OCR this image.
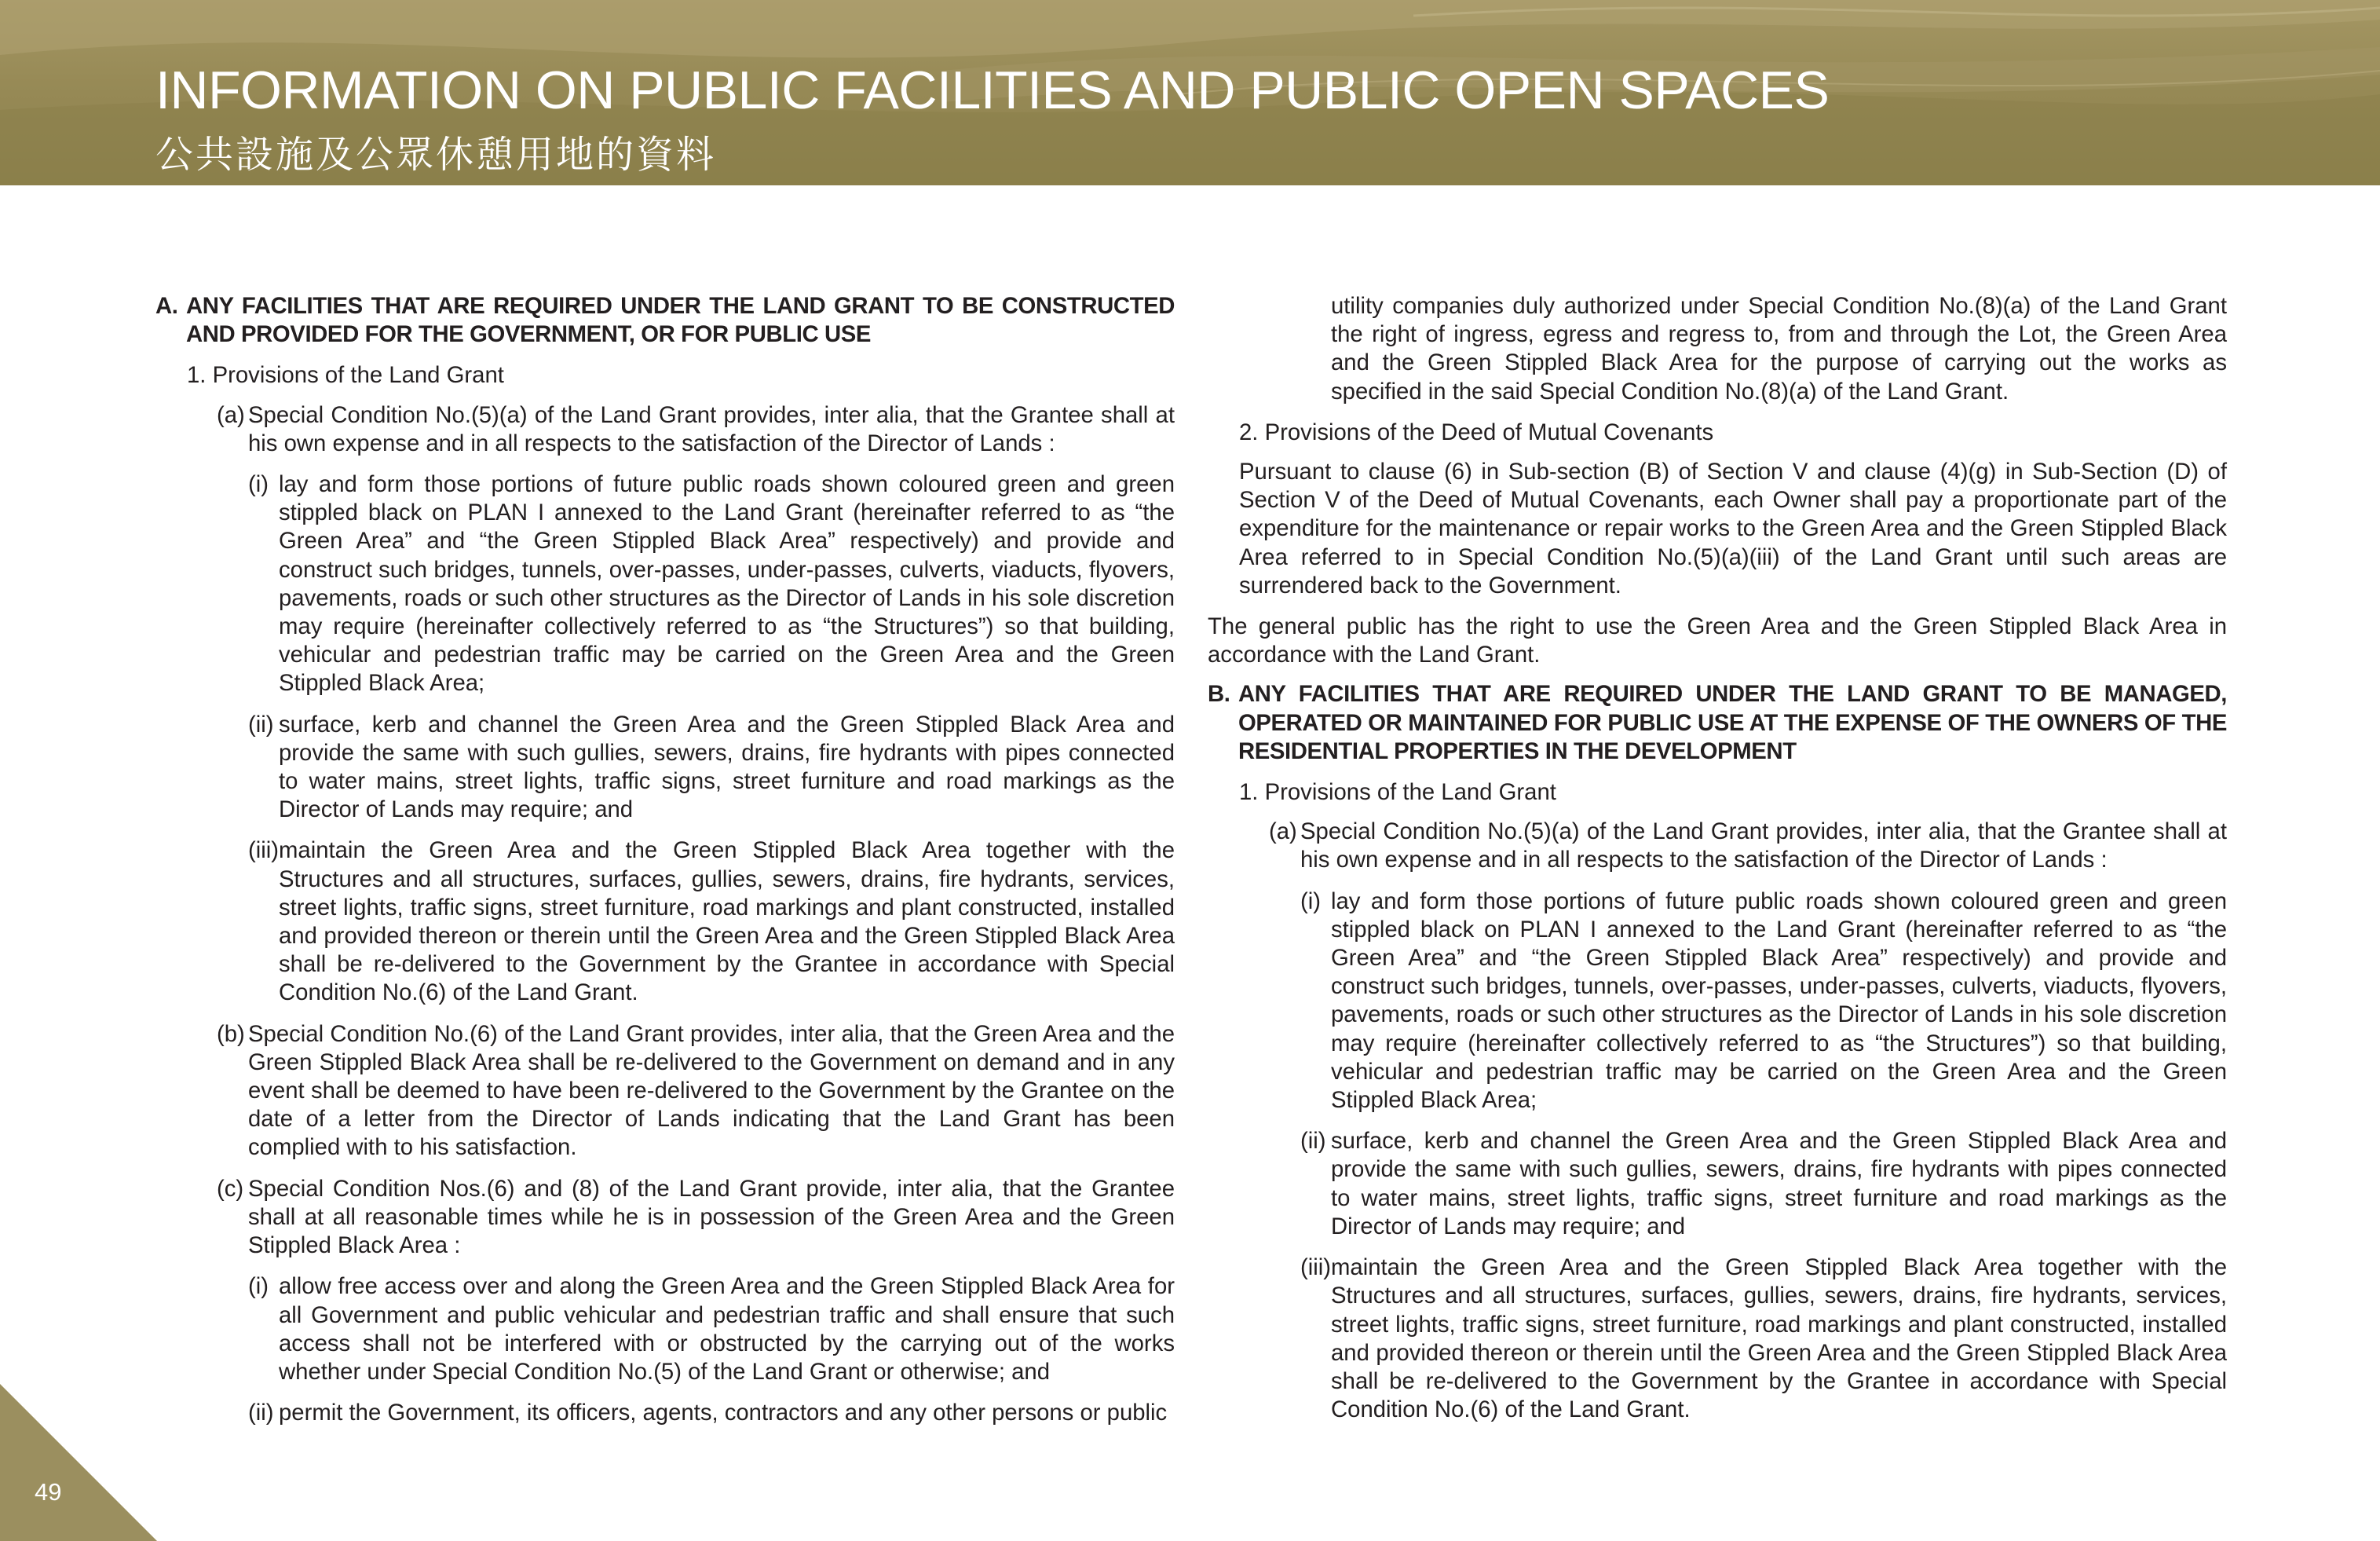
INFORMATION ON PUBLIC FACILITIES AND PUBLIC OPEN SPACES
公共設施及公眾休憩用地的資料

A. ANY FACILITIES THAT ARE REQUIRED UNDER THE LAND GRANT TO BE CONSTRUCTED AND PROVIDED FOR THE GOVERNMENT, OR FOR PUBLIC USE

1. Provisions of the Land Grant

(a) Special Condition No.(5)(a) of the Land Grant provides, inter alia, that the Grantee shall at his own expense and in all respects to the satisfaction of the Director of Lands :

(i) lay and form those portions of future public roads shown coloured green and green stippled black on PLAN I annexed to the Land Grant (hereinafter referred to as “the Green Area” and “the Green Stippled Black Area” respectively) and provide and construct such bridges, tunnels, over-passes, under-passes, culverts, viaducts, flyovers, pavements, roads or such other structures as the Director of Lands in his sole discretion may require (hereinafter collectively referred to as “the Structures”) so that building, vehicular and pedestrian traffic may be carried on the Green Area and the Green Stippled Black Area;

(ii) surface, kerb and channel the Green Area and the Green Stippled Black Area and provide the same with such gullies, sewers, drains, fire hydrants with pipes connected to water mains, street lights, traffic signs, street furniture and road markings as the Director of Lands may require; and

(iii) maintain the Green Area and the Green Stippled Black Area together with the Structures and all structures, surfaces, gullies, sewers, drains, fire hydrants, services, street lights, traffic signs, street furniture, road markings and plant constructed, installed and provided thereon or therein until the Green Area and the Green Stippled Black Area shall be re-delivered to the Government by the Grantee in accordance with Special Condition No.(6) of the Land Grant.

(b) Special Condition No.(6) of the Land Grant provides, inter alia, that the Green Area and the Green Stippled Black Area shall be re-delivered to the Government on demand and in any event shall be deemed to have been re-delivered to the Government by the Grantee on the date of a letter from the Director of Lands indicating that the Land Grant has been complied with to his satisfaction.

(c) Special Condition Nos.(6) and (8) of the Land Grant provide, inter alia, that the Grantee shall at all reasonable times while he is in possession of the Green Area and the Green Stippled Black Area :

(i) allow free access over and along the Green Area and the Green Stippled Black Area for all Government and public vehicular and pedestrian traffic and shall ensure that such access shall not be interfered with or obstructed by the carrying out of the works whether under Special Condition No.(5) of the Land Grant or otherwise; and

(ii) permit the Government, its officers, agents, contractors and any other persons or public

utility companies duly authorized under Special Condition No.(8)(a) of the Land Grant the right of ingress, egress and regress to, from and through the Lot, the Green Area and the Green Stippled Black Area for the purpose of carrying out the works as specified in the said Special Condition No.(8)(a) of the Land Grant.

2. Provisions of the Deed of Mutual Covenants

Pursuant to clause (6) in Sub-section (B) of Section V and clause (4)(g) in Sub-Section (D) of Section V of the Deed of Mutual Covenants, each Owner shall pay a proportionate part of the expenditure for the maintenance or repair works to the Green Area and the Green Stippled Black Area referred to in Special Condition No.(5)(a)(iii) of the Land Grant until such areas are surrendered back to the Government.

The general public has the right to use the Green Area and the Green Stippled Black Area in accordance with the Land Grant.

B. ANY FACILITIES THAT ARE REQUIRED UNDER THE LAND GRANT TO BE MANAGED, OPERATED OR MAINTAINED FOR PUBLIC USE AT THE EXPENSE OF THE OWNERS OF THE RESIDENTIAL PROPERTIES IN THE DEVELOPMENT

1. Provisions of the Land Grant

(a) Special Condition No.(5)(a) of the Land Grant provides, inter alia, that the Grantee shall at his own expense and in all respects to the satisfaction of the Director of Lands :

(i) lay and form those portions of future public roads shown coloured green and green stippled black on PLAN I annexed to the Land Grant (hereinafter referred to as “the Green Area” and “the Green Stippled Black Area” respectively) and provide and construct such bridges, tunnels, over-passes, under-passes, culverts, viaducts, flyovers, pavements, roads or such other structures as the Director of Lands in his sole discretion may require (hereinafter collectively referred to as “the Structures”) so that building, vehicular and pedestrian traffic may be carried on the Green Area and the Green Stippled Black Area;

(ii) surface, kerb and channel the Green Area and the Green Stippled Black Area and provide the same with such gullies, sewers, drains, fire hydrants with pipes connected to water mains, street lights, traffic signs, street furniture and road markings as the Director of Lands may require; and

(iii) maintain the Green Area and the Green Stippled Black Area together with the Structures and all structures, surfaces, gullies, sewers, drains, fire hydrants, services, street lights, traffic signs, street furniture, road markings and plant constructed, installed and provided thereon or therein until the Green Area and the Green Stippled Black Area shall be re-delivered to the Government by the Grantee in accordance with Special Condition No.(6) of the Land Grant.

49
